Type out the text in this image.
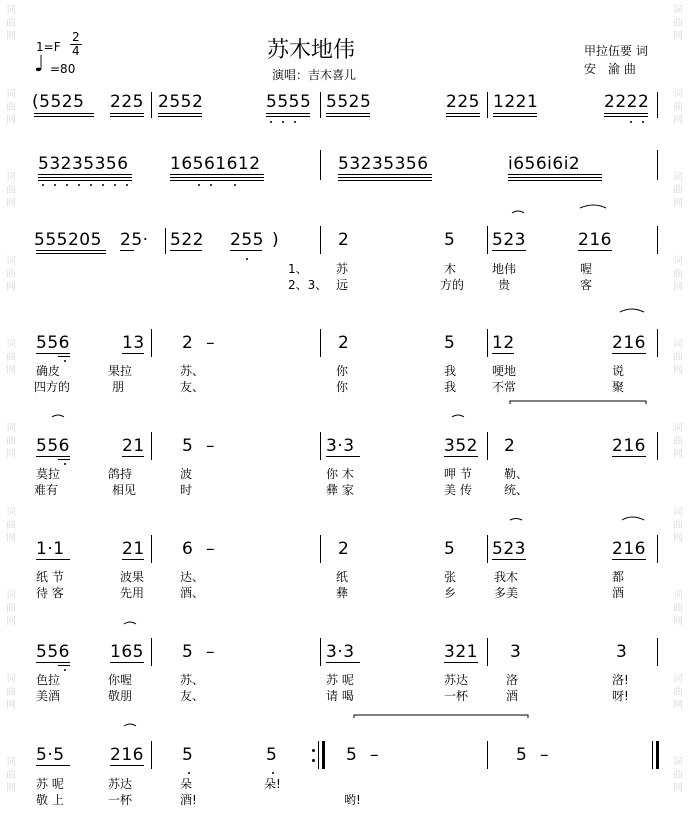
词
曲
网
词
曲
网
词
曲
网
词
曲
网
词
曲
网
词
曲
网
词
曲
网
词
曲
网
词
曲
网
词
曲
网
词
曲
网
词
曲
网
词
曲
网
词
曲
网
词
曲
网
词
曲
网
词
曲
网
词
曲
网
词
曲
网
词
曲
网
1=F
2
4
♩ =80
苏木地伟
演唱：吉木喜儿
甲拉伍要 词
安　渝 曲
(5525 225 2552	5555 5525	225 1221	2222
53235356 16561612	53235356	i656i6i2
555205 25· 522 255 )	2	5 523	216
1、 苏	木	地伟	喔
2、3、 远	方的	贵	客
556	13 2 –	2	5 12	216
确皮	果拉	苏、	你	我	哽地	说
四方的	朋	友、	你	我	不常	聚
556	21 5 –	3·3	352 2	216
莫拉	鸽持	波	你 木	呷 节	勒、
难有	相见	时	彝 家	美 传	统、
1·1	21 6 –	2	5 523	216
纸 节	波果	达、	纸	张	我木	都
待 客	先用	酒、	彝	乡	多美	酒
556 165 5 –	3·3	321 3	3
色拉	你喔	苏、	苏 呢	苏达	洛	洛!
美酒	敬朋	友、	请 喝	一杯	酒	呀!
5·5	216 5	5	5 –	5 –
苏 呢	苏达	朵	朵!
敬 上	一杯	酒!	哟!
